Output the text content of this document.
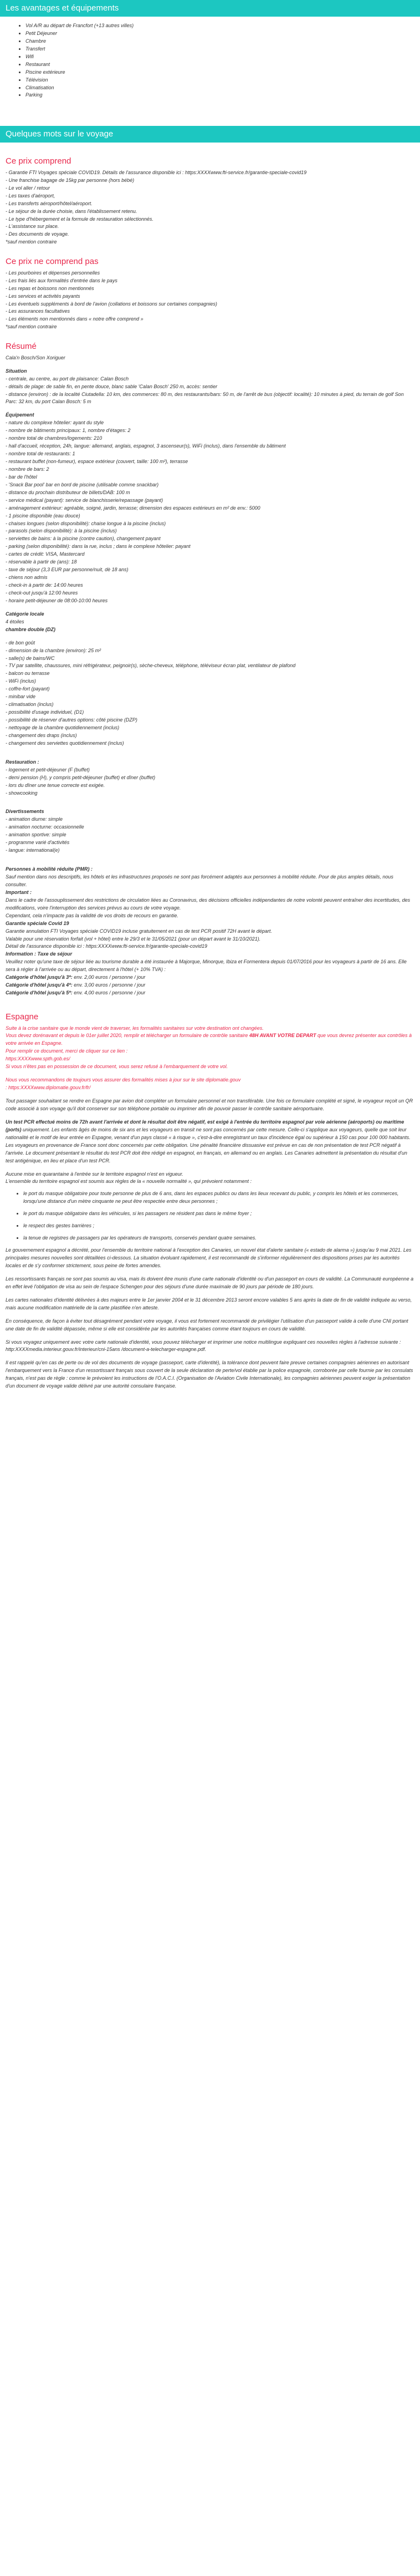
Les avantages et équipements
• Vol A/R au départ de Francfort (+13 autres villes)
• Petit Déjeuner
• Chambre
• Transfert
• Wifi
• Restaurant
• Piscine extérieure
• Télévision
• Climatisation
• Parking
Quelques mots sur le voyage
Ce prix comprend

- Garantie FTI Voyages spéciale COVID19. Détails de l'assurance disponible ici : https:XXXXwww.fti-service.fr/garantie-speciale-covid19

- Une franchise bagage de 15kg par personne (hors bébé)

- Le vol aller / retour

- Les taxes d'aéroport,

- Les transferts aéroport/hôtel/aéroport.

- Le séjour de la durée choisie, dans l'établissement retenu.

- Le type d'hébergement et la formule de restauration sélectionnés.

- L'assistance sur place.

- Des documents de voyage.

*sauf mention contraire

Ce prix ne comprend pas

- Les pourboires et dépenses personnelles

- Les frais liés aux formalités d'entrée dans le pays

- Les repas et boissons non mentionnés

- Les services et activités payants

- Les éventuels suppléments à bord de l'avion (collations et boissons sur certaines compagnies)

- Les assurances facultatives

- Les éléments non mentionnés dans « notre offre comprend »

*sauf mention contraire

Résumé

Cala'n Bosch/Son Xoriguer

Situation

- centrale, au centre, au port de plaisance: Calan Bosch

- détails de plage: de sable fin, en pente douce, blanc sable 'Calan Bosch' 250 m, accès: sentier

- distance (environ) : de la localité Ciutadella: 10 km, des commerces: 80 m, des restaurants/bars: 50 m, de l'arrêt de bus (objectif: localité): 10 minutes à pied, du terrain de golf Son Parc: 32 km, du port Calan Bosch: 5 m

Équipement

- nature du complexe hôtelier: ayant du style

- nombre de bâtiments principaux: 1, nombre d'étages: 2

- nombre total de chambres/logements: 210

- hall d'accueil, réception, 24h, langue: allemand, anglais, espagnol, 3 ascenseur(s), WiFi (inclus), dans l'ensemble du bâtiment

- nombre total de restaurants: 1

- restaurant buffet (non-fumeur), espace extérieur (couvert, taille: 100 m²), terrasse

- nombre de bars: 2

- bar de l'hôtel

- 'Snack Bar pool' bar en bord de piscine (utilisable comme snackbar)

- distance du prochain distributeur de billets/DAB: 100 m

- service médical (payant): service de blanchisserie/repassage (payant)

- aménagement extérieur: agréable, soigné, jardin, terrasse; dimension des espaces extérieurs en m² de env.: 5000

- 1 piscine disponible (eau douce)

- chaises longues (selon disponibilité): chaise longue à la piscine (inclus)

- parasols (selon disponibilité): à la piscine (inclus)

- serviettes de bains: à la piscine (contre caution), changement payant

- parking (selon disponibilité): dans la rue, inclus ; dans le complexe hôtelier: payant

- cartes de crédit: VISA, Mastercard

- réservable à partir de (ans): 18

- taxe de séjour (3,3 EUR par personne/nuit, dè 18 ans)

- chiens non admis

- check-in à partir de: 14:00 heures

- check-out jusqu'à 12:00 heures

- horaire petit-déjeuner de 08:00-10:00 heures

Catégorie locale

4 étoiles

chambre double (DZ)

- de bon goût

- dimension de la chambre (environ): 25 m²

- salle(s) de bains/WC

- TV par satellite, chaussures, mini réfrigérateur, peignoir(s), sèche-cheveux, téléphone, téléviseur écran plat, ventilateur de plafond

- balcon ou terrasse

- WiFi (inclus)

- coffre-fort (payant)

- minibar vide

- climatisation (inclus)

- possibilité d'usage individuel, (D1)

- possibilité de réserver d'autres options: côté piscine (DZP)

- nettoyage de la chambre quotidiennement (inclus)

- changement des draps (inclus)

- changement des serviettes quotidiennement (inclus)

Restauration :

- logement et petit-déjeuner (F (buffet)

- demi pension (H), y compris petit-déjeuner (buffet) et dîner (buffet)

- lors du dîner une tenue correcte est exigée.

- showcooking

Divertissements

- animation diurne: simple

- animation nocturne: occasionnelle

- animation sportive: simple

- programme varié d'activités

- langue: international(e)

Personnes à mobilité réduite (PMR) :

Sauf mention dans nos descriptifs, les hôtels et les infrastructures proposés ne sont pas forcément adaptés aux personnes à mobilité réduite. Pour de plus amples détails, nous consulter.

Important :

Dans le cadre de l'assouplissement des restrictions de circulation liées au Coronavirus, des décisions officielles indépendantes de notre volonté peuvent entraîner des incertitudes, des modifications, voire l'interruption des services prévus au cours de votre voyage.

Cependant, cela n'impacte pas la validité de vos droits de recours en garantie.

Garantie spéciale Covid 19

Garantie annulation FTI Voyages spéciale COVID19 incluse gratuitement en cas de test PCR positif 72H avant le départ.

Valable pour une réservation forfait (vol + hôtel) entre le 29/3 et le 31/05/2021 (pour un départ avant le 31/10/2021).

Détail de l'assurance disponible ici : https:XXXXwww.fti-service.fr/garantie-speciale-covid19

Information : Taxe de séjour

Veuillez noter qu'une taxe de séjour liée au tourisme durable a été instaurée à Majorque, Minorque, Ibiza et Formentera depuis 01/07/2016 pour les voyageurs à partir de 16 ans. Elle sera à régler à l'arrivée ou au départ, directement à l'hôtel (+ 10% TVA) :

Catégorie d'hôtel jusqu'à 3*: env. 2,00 euros / personne / jour

Catégorie d'hôtel jusqu'à 4*: env. 3,00 euros / personne / jour

Catégorie d'hôtel jusqu'à 5*: env. 4,00 euros / personne / jour

Espagne

Suite à la crise sanitaire que le monde vient de traverser, les formalités sanitaires sur votre destination ont changées.

Vous devez dorénavant et depuis le 01er juillet 2020, remplir et télécharger un formulaire de contrôle sanitaire 48H AVANT VOTRE DEPART que vous devrez présenter aux contrôles à votre arrivée en Espagne.

Pour remplir ce document, merci de cliquer sur ce lien :

https:XXXXwww.spth.gob.es/

Si vous n'êtes pas en possession de ce document, vous serez refusé à l'embarquement de votre vol.

Nous vous recommandons de toujours vous assurer des formalités mises à jour sur le site diplomatie.gouv

: https:XXXXwww.diplomatie.gouv.fr/fr/

Tout passager souhaitant se rendre en Espagne par avion doit compléter un formulaire personnel et non transférable. Une fois ce formulaire complété et signé, le voyageur reçoit un QR code associé à son voyage qu'il doit conserver sur son téléphone portable ou imprimer afin de pouvoir passer le contrôle sanitaire aéroportuaire.

Un test PCR effectué moins de 72h avant l'arrivée et dont le résultat doit être négatif, est exigé à l'entrée du territoire espagnol par voie aérienne (aéroports) ou maritime (ports) uniquement. Les enfants âgés de moins de six ans et les voyageurs en transit ne sont pas concernés par cette mesure. Celle-ci s'applique aux voyageurs, quelle que soit leur nationalité et le motif de leur entrée en Espagne, venant d'un pays classé « à risque », c'est-à-dire enregistrant un taux d'incidence égal ou supérieur à 150 cas pour 100 000 habitants. Les voyageurs en provenance de France sont donc concernés par cette obligation. Une pénalité financière dissuasive est prévue en cas de non présentation de test PCR négatif à l'arrivée. Le document présentant le résultat du test PCR doit être rédigé en espagnol, en français, en allemand ou en anglais. Les Canaries admettent la présentation du résultat d'un test antigénique, en lieu et place d'un test PCR.

Aucune mise en quarantaine à l'entrée sur le territoire espagnol n'est en vigueur.

L'ensemble du territoire espagnol est soumis aux règles de la « nouvelle normalité », qui prévoient notamment :

• le port du masque obligatoire pour toute personne de plus de 6 ans, dans les espaces publics ou dans les lieux recevant du public, y compris les hôtels et les commerces, lorsqu'une distance d'un mètre cinquante ne peut être respectée entre deux personnes ;
• le port du masque obligatoire dans les véhicules, si les passagers ne résident pas dans le même foyer ;
• le respect des gestes barrières ;
• la tenue de registres de passagers par les opérateurs de transports, conservés pendant quatre semaines.

Le gouvernement espagnol a décrété, pour l'ensemble du territoire national à l'exception des Canaries, un nouvel état d'alerte sanitaire (« estado de alarma ») jusqu'au 9 mai 2021. Les principales mesures nouvelles sont détaillées ci-dessous. La situation évoluant rapidement, il est recommandé de s'informer régulièrement des dispositions prises par les autorités locales et de s'y conformer strictement, sous peine de fortes amendes.

Les ressortissants français ne sont pas soumis au visa, mais ils doivent être munis d'une carte nationale d'identité ou d'un passeport en cours de validité. La Communauté européenne a en effet levé l'obligation de visa au sein de l'espace Schengen pour des séjours d'une durée maximale de 90 jours par période de 180 jours.

Les cartes nationales d'identité délivrées à des majeurs entre le 1er janvier 2004 et le 31 décembre 2013 seront encore valables 5 ans après la date de fin de validité indiquée au verso, mais aucune modification matérielle de la carte plastifiée n'en atteste.

En conséquence, de façon à éviter tout désagrément pendant votre voyage, il vous est fortement recommandé de privilégier l'utilisation d'un passeport valide à celle d'une CNI portant une date de fin de validité dépassée, même si elle est considérée par les autorités françaises comme étant toujours en cours de validité.

Si vous voyagez uniquement avec votre carte nationale d'identité, vous pouvez télécharger et imprimer une notice multilingue expliquant ces nouvelles règles à l'adresse suivante : http:XXXXmedia.interieur.gouv.fr/interieur/cni-15ans /document-a-telecharger-espagne.pdf.

Il est rappelé qu'en cas de perte ou de vol des documents de voyage (passeport, carte d'identité), la tolérance dont peuvent faire preuve certaines compagnies aériennes en autorisant l'embarquement vers la France d'un ressortissant français sous couvert de la seule déclaration de perte/vol établie par la police espagnole, corroborée par celle fournie par les consulats français, n'est pas de règle : comme le prévoient les instructions de l'O.A.C.I. (Organisation de l'Aviation Civile Internationale), les compagnies aériennes peuvent exiger la présentation d'un document de voyage valide délivré par une autorité consulaire française.
